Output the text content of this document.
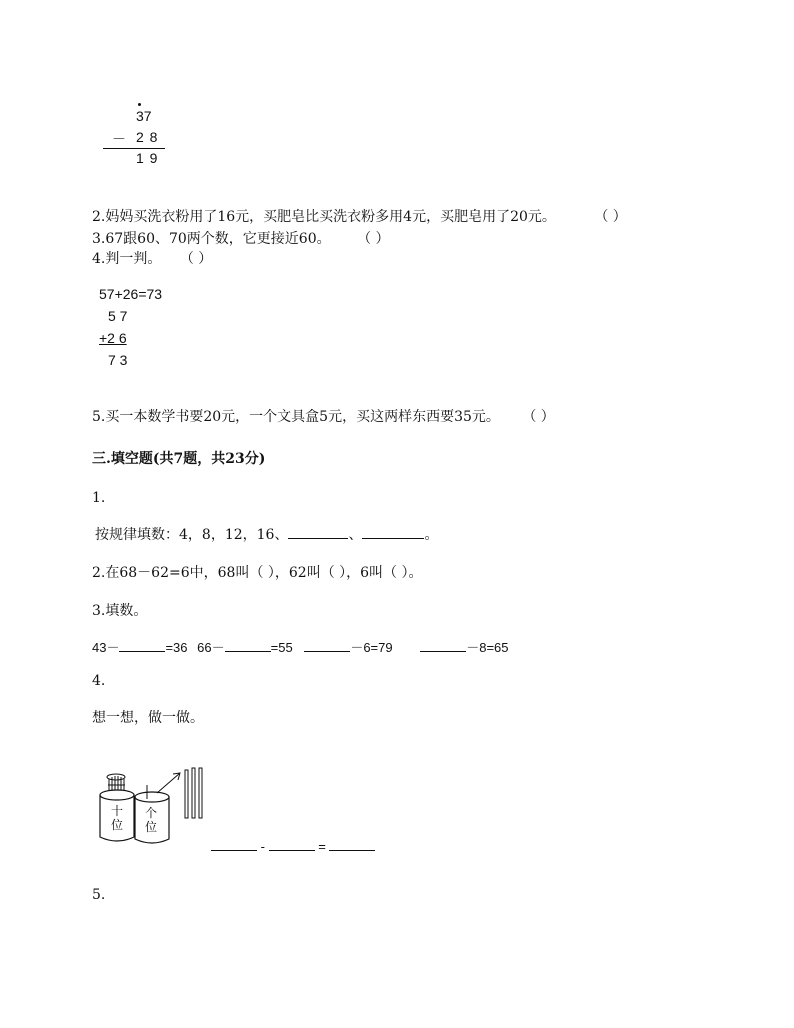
37
－ 2 8
1 9
2.妈妈买洗衣粉用了16元，买肥皂比买洗衣粉多用4元，买肥皂用了20元。	（ ）
3.67跟60、70两个数，它更接近60。 （ ）
4.判一判。 （ ）
57+26=73
5 7
+2 6
7 3
5.买一本数学书要20元，一个文具盒5元，买这两样东西要35元。 （ ）
三.填空题(共7题，共23分)
1.
按规律填数：4，8，12，16、	、	。
2.在68－62=6中，68叫（ ），62叫（ ），6叫（ ）。
3.填数。
43－	=36 66－	=55	－6=79	－8=65
4.
想一想，做一做。
十位
个位
-	=
5.
